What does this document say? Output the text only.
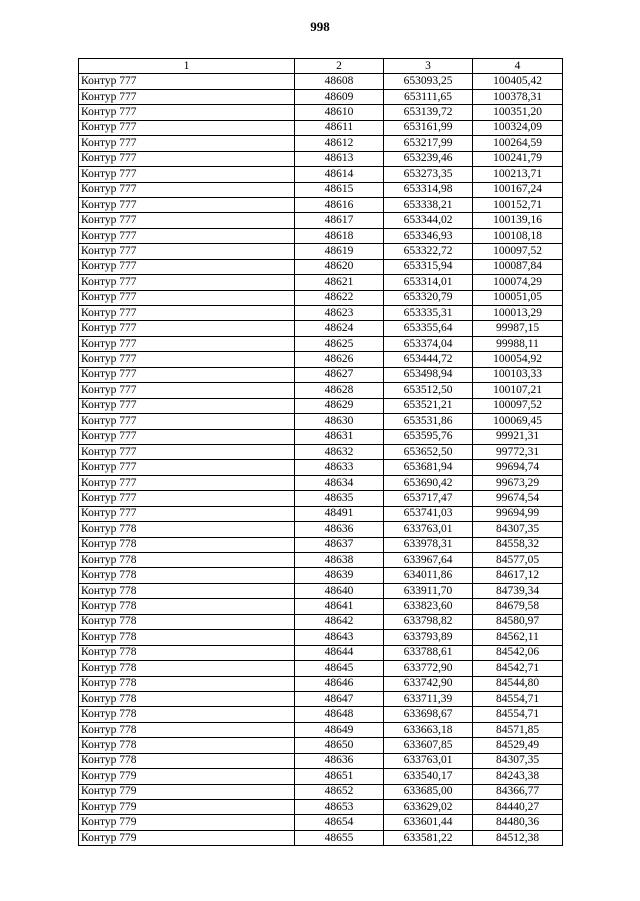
998
1	2	3	4
Контур 777	48608	653093,25	100405,42
Контур 777	48609	653111,65	100378,31
Контур 777	48610	653139,72	100351,20
Контур 777	48611	653161,99	100324,09
Контур 777	48612	653217,99	100264,59
Контур 777	48613	653239,46	100241,79
Контур 777	48614	653273,35	100213,71
Контур 777	48615	653314,98	100167,24
Контур 777	48616	653338,21	100152,71
Контур 777	48617	653344,02	100139,16
Контур 777	48618	653346,93	100108,18
Контур 777	48619	653322,72	100097,52
Контур 777	48620	653315,94	100087,84
Контур 777	48621	653314,01	100074,29
Контур 777	48622	653320,79	100051,05
Контур 777	48623	653335,31	100013,29
Контур 777	48624	653355,64	99987,15
Контур 777	48625	653374,04	99988,11
Контур 777	48626	653444,72	100054,92
Контур 777	48627	653498,94	100103,33
Контур 777	48628	653512,50	100107,21
Контур 777	48629	653521,21	100097,52
Контур 777	48630	653531,86	100069,45
Контур 777	48631	653595,76	99921,31
Контур 777	48632	653652,50	99772,31
Контур 777	48633	653681,94	99694,74
Контур 777	48634	653690,42	99673,29
Контур 777	48635	653717,47	99674,54
Контур 777	48491	653741,03	99694,99
Контур 778	48636	633763,01	84307,35
Контур 778	48637	633978,31	84558,32
Контур 778	48638	633967,64	84577,05
Контур 778	48639	634011,86	84617,12
Контур 778	48640	633911,70	84739,34
Контур 778	48641	633823,60	84679,58
Контур 778	48642	633798,82	84580,97
Контур 778	48643	633793,89	84562,11
Контур 778	48644	633788,61	84542,06
Контур 778	48645	633772,90	84542,71
Контур 778	48646	633742,90	84544,80
Контур 778	48647	633711,39	84554,71
Контур 778	48648	633698,67	84554,71
Контур 778	48649	633663,18	84571,85
Контур 778	48650	633607,85	84529,49
Контур 778	48636	633763,01	84307,35
Контур 779	48651	633540,17	84243,38
Контур 779	48652	633685,00	84366,77
Контур 779	48653	633629,02	84440,27
Контур 779	48654	633601,44	84480,36
Контур 779	48655	633581,22	84512,38
